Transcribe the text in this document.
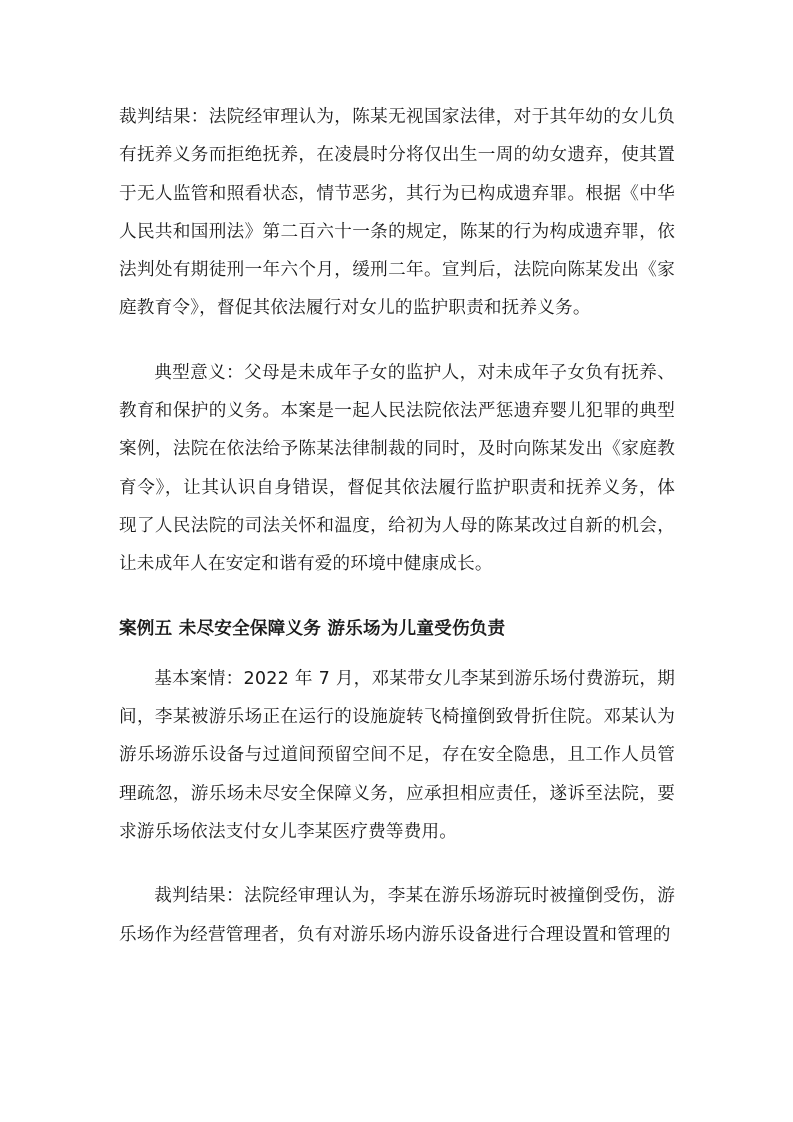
裁判结果：法院经审理认为，陈某无视国家法律，对于其年幼的女儿负有抚养义务而拒绝抚养，在凌晨时分将仅出生一周的幼女遗弃，使其置于无人监管和照看状态，情节恶劣，其行为已构成遗弃罪。根据《中华人民共和国刑法》第二百六十一条的规定，陈某的行为构成遗弃罪，依法判处有期徒刑一年六个月，缓刑二年。宣判后，法院向陈某发出《家庭教育令》，督促其依法履行对女儿的监护职责和抚养义务。

典型意义：父母是未成年子女的监护人，对未成年子女负有抚养、教育和保护的义务。本案是一起人民法院依法严惩遗弃婴儿犯罪的典型案例，法院在依法给予陈某法律制裁的同时，及时向陈某发出《家庭教育令》，让其认识自身错误，督促其依法履行监护职责和抚养义务，体现了人民法院的司法关怀和温度，给初为人母的陈某改过自新的机会，让未成年人在安定和谐有爱的环境中健康成长。

案例五 未尽安全保障义务 游乐场为儿童受伤负责

基本案情：2022 年 7 月，邓某带女儿李某到游乐场付费游玩，期间，李某被游乐场正在运行的设施旋转飞椅撞倒致骨折住院。邓某认为游乐场游乐设备与过道间预留空间不足，存在安全隐患，且工作人员管理疏忽，游乐场未尽安全保障义务，应承担相应责任，遂诉至法院，要求游乐场依法支付女儿李某医疗费等费用。

裁判结果：法院经审理认为，李某在游乐场游玩时被撞倒受伤，游乐场作为经营管理者，负有对游乐场内游乐设备进行合理设置和管理的
